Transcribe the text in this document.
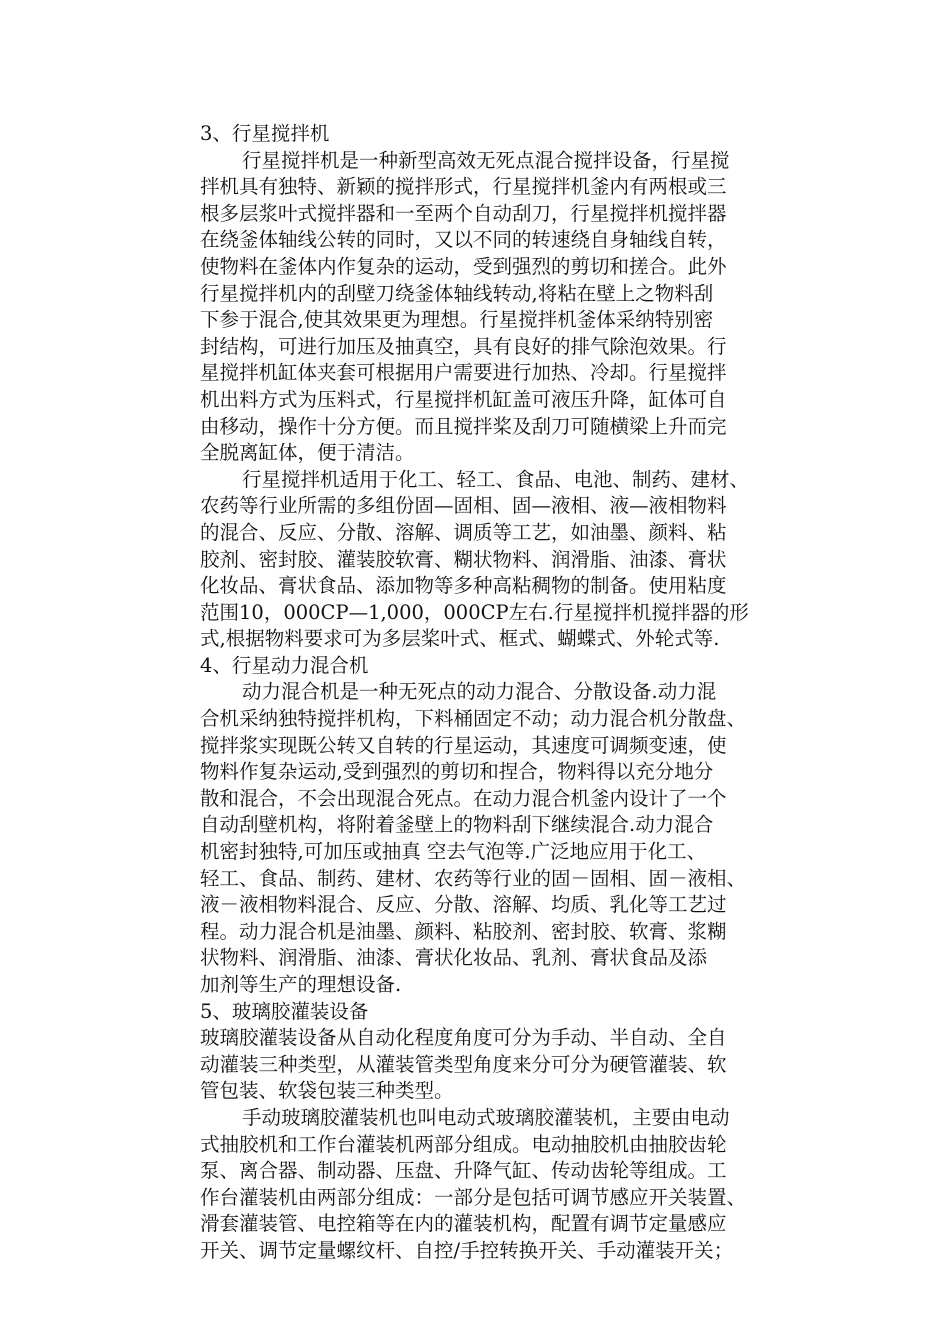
3、行星搅拌机
行星搅拌机是一种新型高效无死点混合搅拌设备，行星搅
拌机具有独特、新颖的搅拌形式，行星搅拌机釜内有两根或三
根多层浆叶式搅拌器和一至两个自动刮刀，行星搅拌机搅拌器
在绕釜体轴线公转的同时，又以不同的转速绕自身轴线自转，
使物料在釜体内作复杂的运动，受到强烈的剪切和搓合。此外
行星搅拌机内的刮壁刀绕釜体轴线转动,将粘在壁上之物料刮
下参于混合,使其效果更为理想。行星搅拌机釜体采纳特别密
封结构，可进行加压及抽真空，具有良好的排气除泡效果。行
星搅拌机缸体夹套可根据用户需要进行加热、冷却。行星搅拌
机出料方式为压料式，行星搅拌机缸盖可液压升降，缸体可自
由移动，操作十分方便。而且搅拌桨及刮刀可随横梁上升而完
全脱离缸体，便于清洁。
行星搅拌机适用于化工、轻工、食品、电池、制药、建材、
农药等行业所需的多组份固—固相、固—液相、液—液相物料
的混合、反应、分散、溶解、调质等工艺，如油墨、颜料、粘
胶剂、密封胶、灌装胶软膏、糊状物料、润滑脂、油漆、膏状
化妆品、膏状食品、添加物等多种高粘稠物的制备。使用粘度
范围10，000CP—1,000，000CP左右.行星搅拌机搅拌器的形
式,根据物料要求可为多层桨叶式、框式、蝴蝶式、外轮式等.
4、行星动力混合机
动力混合机是一种无死点的动力混合、分散设备.动力混
合机采纳独特搅拌机构，下料桶固定不动；动力混合机分散盘、
搅拌浆实现既公转又自转的行星运动，其速度可调频变速，使
物料作复杂运动,受到强烈的剪切和捏合，物料得以充分地分
散和混合，不会出现混合死点。在动力混合机釜内设计了一个
自动刮壁机构，将附着釜壁上的物料刮下继续混合.动力混合
机密封独特,可加压或抽真 空去气泡等.广泛地应用于化工、
轻工、食品、制药、建材、农药等行业的固－固相、固－液相、
液－液相物料混合、反应、分散、溶解、均质、乳化等工艺过
程。动力混合机是油墨、颜料、粘胶剂、密封胶、软膏、浆糊
状物料、润滑脂、油漆、膏状化妆品、乳剂、膏状食品及添
加剂等生产的理想设备.
5、玻璃胶灌装设备
玻璃胶灌装设备从自动化程度角度可分为手动、半自动、全自
动灌装三种类型，从灌装管类型角度来分可分为硬管灌装、软
管包装、软袋包装三种类型。
手动玻璃胶灌装机也叫电动式玻璃胶灌装机，主要由电动
式抽胶机和工作台灌装机两部分组成。电动抽胶机由抽胶齿轮
泵、离合器、制动器、压盘、升降气缸、传动齿轮等组成。工
作台灌装机由两部分组成：一部分是包括可调节感应开关装置、
滑套灌装管、电控箱等在内的灌装机构，配置有调节定量感应
开关、调节定量螺纹杆、自控/手控转换开关、手动灌装开关；
